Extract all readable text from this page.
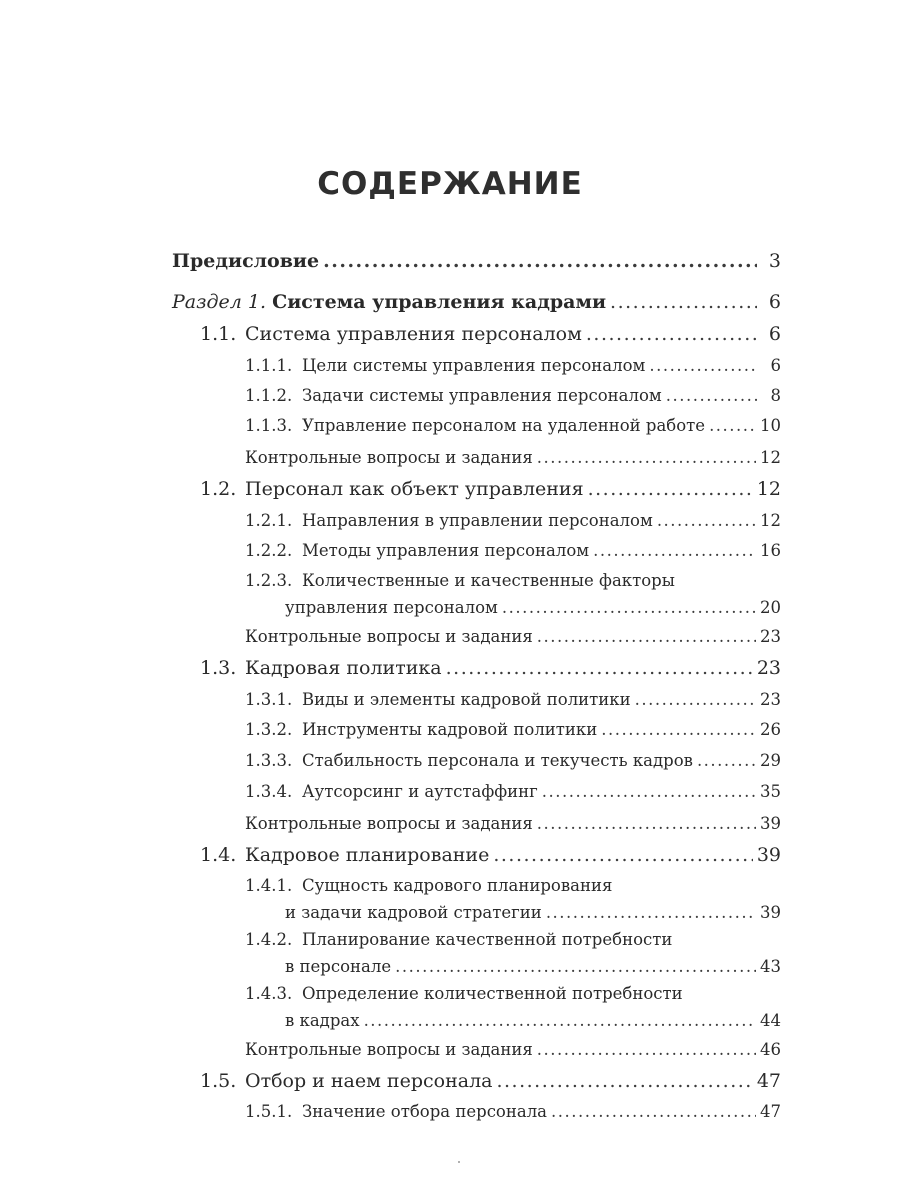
СОДЕРЖАНИЕ
Предисловие .....	3
Раздел 1.
Система управления кадрами .....	6
1.1. Система управления персоналом .....	6
1.1.1. Цели системы управления персоналом .....	6
1.1.2. Задачи системы управления персоналом .....	8
1.1.3. Управление персоналом на удаленной работе .....	10
Контрольные вопросы и задания .....	12
1.2. Персонал как объект управления .....	12
1.2.1. Направления в управлении персоналом .....	12
1.2.2. Методы управления персоналом .....	16
1.2.3. Количественные и качественные факторы
управления персоналом .....	20
Контрольные вопросы и задания .....	23
1.3. Кадровая политика .....	23
1.3.1. Виды и элементы кадровой политики .....	23
1.3.2. Инструменты кадровой политики .....	26
1.3.3. Стабильность персонала и текучесть кадров .....	29
1.3.4. Аутсорсинг и аутстаффинг .....	35
Контрольные вопросы и задания .....	39
1.4. Кадровое планирование .....	39
1.4.1. Сущность кадрового планирования
и задачи кадровой стратегии .....	39
1.4.2. Планирование качественной потребности
в персонале .....	43
1.4.3. Определение количественной потребности
в кадрах .....	44
Контрольные вопросы и задания .....	46
1.5. Отбор и наем персонала .....	47
1.5.1. Значение отбора персонала .....	47
